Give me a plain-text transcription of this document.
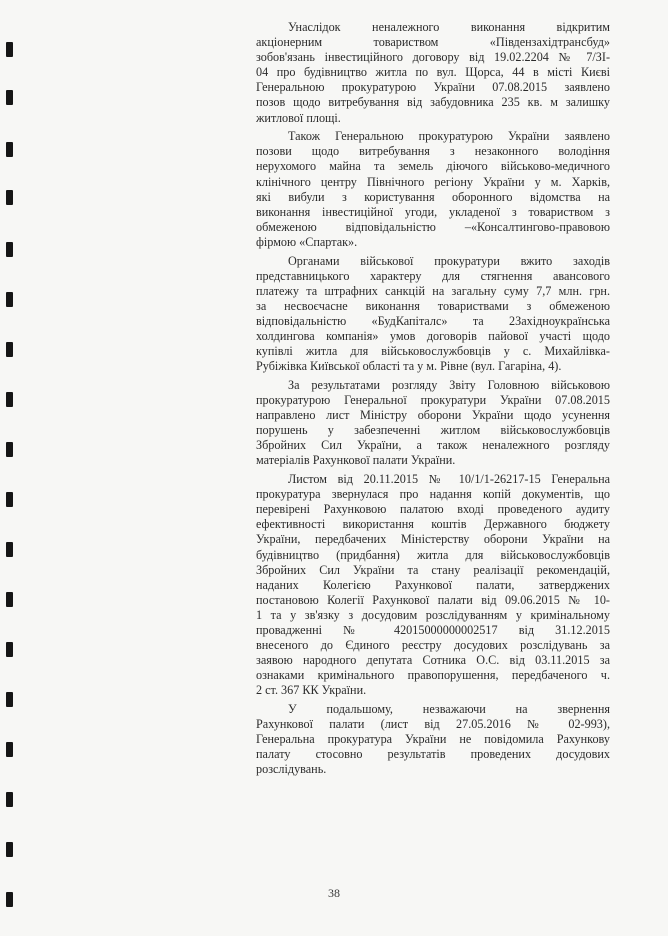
Унаслідок неналежного виконання відкритим
акціонерним товариством «Південзахідтрансбуд»
зобов'язань інвестиційного договору від 19.02.2204 № 7/ЗІ-
04 про будівництво житла по вул. Щорса, 44 в місті Києві
Генеральною прокуратурою України 07.08.2015 заявлено
позов щодо витребування від забудовника 235 кв. м залишку
житлової площі.
Також Генеральною прокуратурою України заявлено
позови щодо витребування з незаконного володіння
нерухомого майна та земель діючого військово-медичного
клінічного центру Північного регіону України у м. Харків,
які вибули з користування оборонного відомства на
виконання інвестиційної угоди, укладеної з товариством з
обмеженою відповідальністю –«Консалтингово-правовою
фірмою «Спартак».
Органами військової прокуратури вжито заходів
представницького характеру для стягнення авансового
платежу та штрафних санкцій на загальну суму 7,7 млн. грн.
за несвоєчасне виконання товариствами з обмеженою
відповідальністю «БудКапіталс» та 2Західноукраїнська
холдингова компанія» умов договорів пайової участі щодо
купівлі житла для військовослужбовців у с. Михайлівка-
Рубіжівка Київської області та у м. Рівне (вул. Гагаріна, 4).
За результатами розгляду Звіту Головною військовою
прокуратурою Генеральної прокуратури України 07.08.2015
направлено лист Міністру оборони України щодо усунення
порушень у забезпеченні житлом військовослужбовців
Збройних Сил України, а також неналежного розгляду
матеріалів Рахункової палати України.
Листом від 20.11.2015 № 10/1/1-26217-15 Генеральна
прокуратура звернулася про надання копій документів, що
перевірені Рахунковою палатою вході проведеного аудиту
ефективності використання коштів Державного бюджету
України, передбачених Міністерству оборони України на
будівництво (придбання) житла для військовослужбовців
Збройних Сил України та стану реалізації рекомендацій,
наданих Колегією Рахункової палати, затверджених
постановою Колегії Рахункової палати від 09.06.2015 № 10-
1 та у зв'язку з досудовим розслідуванням у кримінальному
провадженні № 42015000000002517 від 31.12.2015
внесеного до Єдиного реєстру досудових розслідувань за
заявою народного депутата Сотника О.С. від 03.11.2015 за
ознаками кримінального правопорушення, передбаченого ч.
2 ст. 367 КК України.
У подальшому, незважаючи на звернення
Рахункової палати (лист від 27.05.2016 № 02-993),
Генеральна прокуратура України не повідомила Рахункову
палату стосовно результатів проведених досудових
розслідувань.
38
